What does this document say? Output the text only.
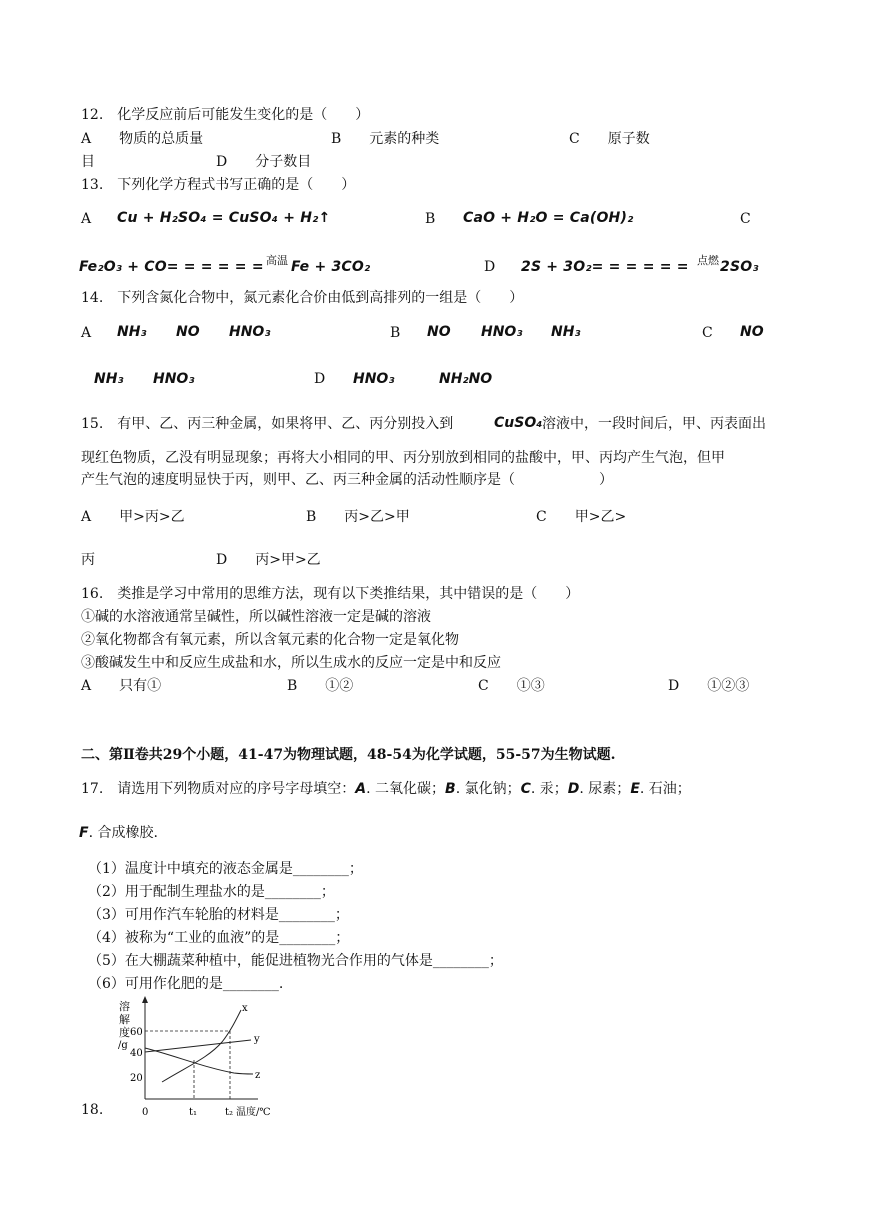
12.　化学反应前后可能发生变化的是（　　）
A　　物质的总质量	B　　元素的种类	C　　原子数
目	D　　分子数目
13.　下列化学方程式书写正确的是（　　）
A Cu + H₂SO₄ = CuSO₄ + H₂↑	B CaO + H₂O = Ca(OH)₂	C
Fe₂O₃ + CO= = = = = = 高温 Fe + 3CO₂	D 2S + 3O₂= = = = = = 点燃 2SO₃
14.　下列含氮化合物中，氮元素化合价由低到高排列的一组是（　　）
A NH₃ NO HNO₃	B NO HNO₃ NH₃	C NO
NH₃ HNO₃	D HNO₃	NH₂NO
15.　有甲、乙、丙三种金属，如果将甲、乙、丙分别投入到	CuSO₄ 溶液中，一段时间后，甲、丙表面出
现红色物质，乙没有明显现象；再将大小相同的甲、丙分别放到相同的盐酸中，甲、丙均产生气泡，但甲
产生气泡的速度明显快于丙，则甲、乙、丙三种金属的活动性顺序是（　　　　　　）
A　　甲>丙>乙	B　　丙>乙>甲	C　　甲>乙>
丙	D　　丙>甲>乙
16.　类推是学习中常用的思维方法，现有以下类推结果，其中错误的是（　　）
①碱的水溶液通常呈碱性，所以碱性溶液一定是碱的溶液
②氧化物都含有氧元素，所以含氧元素的化合物一定是氧化物
③酸碱发生中和反应生成盐和水，所以生成水的反应一定是中和反应
A　　只有①	B　　①②	C　　①③	D　　①②③
二、第Ⅱ卷共29个小题，41-47为物理试题，48-54为化学试题，55-57为生物试题.
17.　请选用下列物质对应的序号字母填空：A. 二氧化碳；B. 氯化钠；C. 汞；D. 尿素；E. 石油；
F. 合成橡胶.
（1）温度计中填充的液态金属是________；
（2）用于配制生理盐水的是________；
（3）可用作汽车轮胎的材料是________；
（4）被称为“工业的血液”的是________；
（5）在大棚蔬菜种植中，能促进植物光合作用的气体是________；
（6）可用作化肥的是________.
18.
溶
解
度
/g
60
40
20
x
y
z
0	t₁	t₂ 温度/℃
